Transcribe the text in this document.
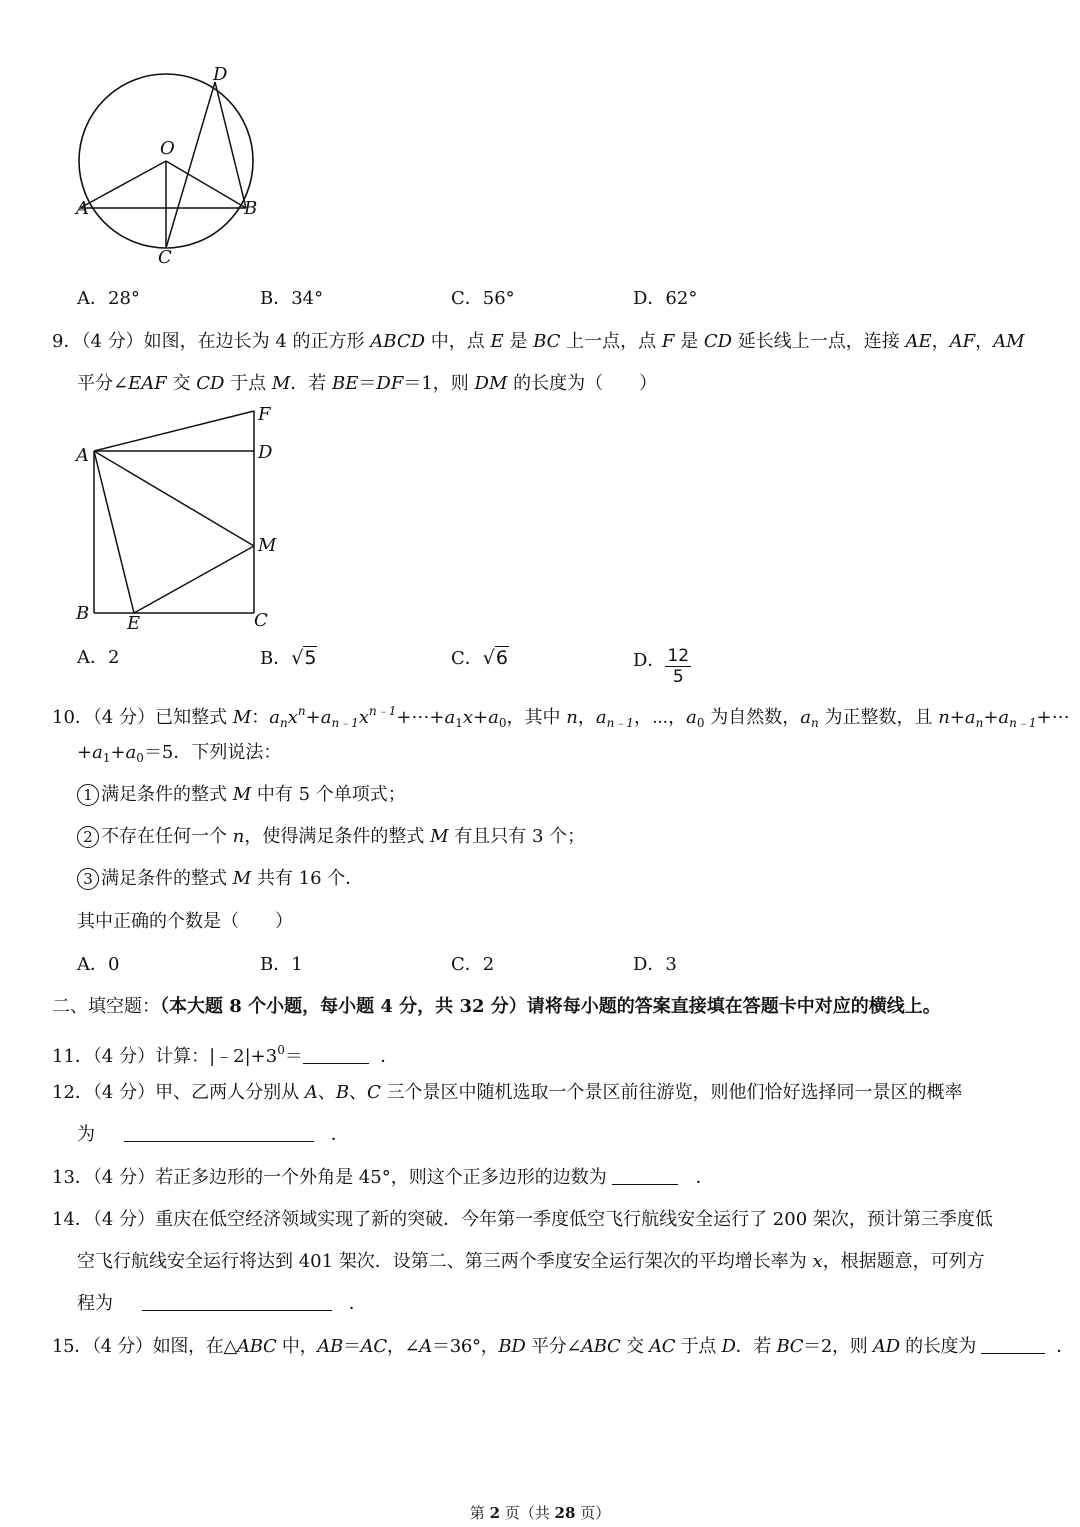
D
O
A	B
C
A．28°	B．34°	C．56°	D．62°
9．（4 分）如图，在边长为 4 的正方形 ABCD 中，点 E 是 BC 上一点，点 F 是 CD 延长线上一点，连接 AE，AF，AM
平分∠EAF 交 CD 于点 M．若 BE＝DF＝1，则 DM 的长度为（　　）
F
D
A
M
B E	C
A．2	B．√5	C．√6	D． $\frac{12}{5}$
10．（4 分）已知整式 M：$a_nx^n+a_{n﹣1}x^{n﹣1}+\cdots+a_1x+a_0$，其中 n，$a_{n﹣1}$，⋯，$a_0$ 为自然数，$a_n$ 为正整数，且 $n+a_n+a_{n﹣1}+\cdots$
$+a_1+a_0=5$．下列说法：
1 满足条件的整式 M 中有 5 个单项式；
2 不存在任何一个 n，使得满足条件的整式 M 有且只有 3 个；
3 满足条件的整式 M 共有 16 个．
其中正确的个数是（　　）
A．0	B．1	C．2	D．3
二、填空题：（本大题 8 个小题，每小题 4 分，共 32 分）请将每小题的答案直接填在答题卡中对应的横线上。
11．（4 分）计算：$|﹣2|+3^0=$	．
12．（4 分）甲、乙两人分别从 A、B、C 三个景区中随机选取一个景区前往游览，则他们恰好选择同一景区的概率
为	．
13．（4 分）若正多边形的一个外角是 45°，则这个正多边形的边数为	．
14．（4 分）重庆在低空经济领域实现了新的突破．今年第一季度低空飞行航线安全运行了 200 架次，预计第三季度低
空飞行航线安全运行将达到 401 架次．设第二、第三两个季度安全运行架次的平均增长率为 x，根据题意，可列方
程为	．
15．（4 分）如图，在△ABC 中，AB＝AC，∠A＝36°，BD 平分∠ABC 交 AC 于点 D．若 BC＝2，则 AD 的长度为	．
第 2 页（共 28 页）
